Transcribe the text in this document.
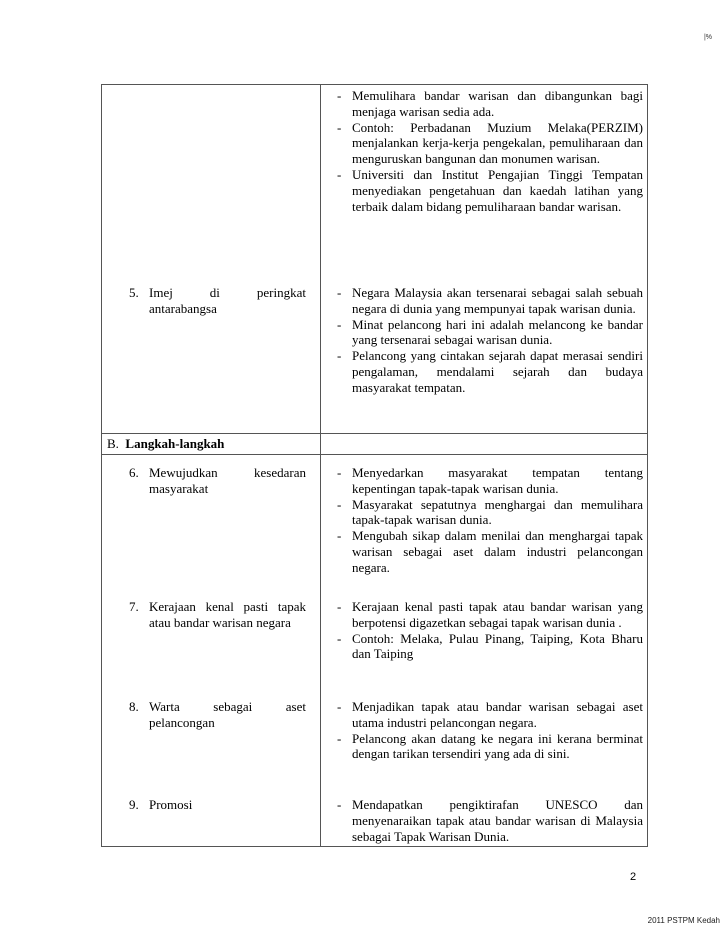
|%
- Memulihara bandar warisan dan dibangunkan bagi menjaga warisan sedia ada.
- Contoh: Perbadanan Muzium Melaka(PERZIM) menjalankan kerja-kerja pengekalan, pemuliharaan dan menguruskan bangunan dan monumen warisan.
- Universiti dan Institut Pengajian Tinggi Tempatan menyediakan pengetahuan dan kaedah latihan yang terbaik dalam bidang pemuliharaan bandar warisan.
5. Imej di peringkat antarabangsa
- Negara Malaysia akan tersenarai sebagai salah sebuah negara di dunia yang mempunyai tapak warisan dunia.
- Minat pelancong hari ini adalah melancong ke bandar yang tersenarai sebagai warisan dunia.
- Pelancong yang cintakan sejarah dapat merasai sendiri pengalaman, mendalami sejarah dan budaya masyarakat tempatan.
B. Langkah-langkah
6. Mewujudkan kesedaran masyarakat
- Menyedarkan masyarakat tempatan tentang kepentingan tapak-tapak warisan dunia.
- Masyarakat sepatutnya menghargai dan memulihara tapak-tapak warisan dunia.
- Mengubah sikap dalam menilai dan menghargai tapak warisan sebagai aset dalam industri pelancongan negara.
7. Kerajaan kenal pasti tapak atau bandar warisan negara
- Kerajaan kenal pasti tapak atau bandar warisan yang berpotensi digazetkan sebagai tapak warisan dunia .
- Contoh: Melaka, Pulau Pinang, Taiping, Kota Bharu dan Taiping
8. Warta sebagai aset pelancongan
- Menjadikan tapak atau bandar warisan sebagai aset utama industri pelancongan negara.
- Pelancong akan datang ke negara ini kerana berminat dengan tarikan tersendiri yang ada di sini.
9. Promosi	- Mendapatkan pengiktirafan UNESCO dan menyenaraikan tapak atau bandar warisan di Malaysia sebagai Tapak Warisan Dunia.
2
2011 PSTPM Kedah
